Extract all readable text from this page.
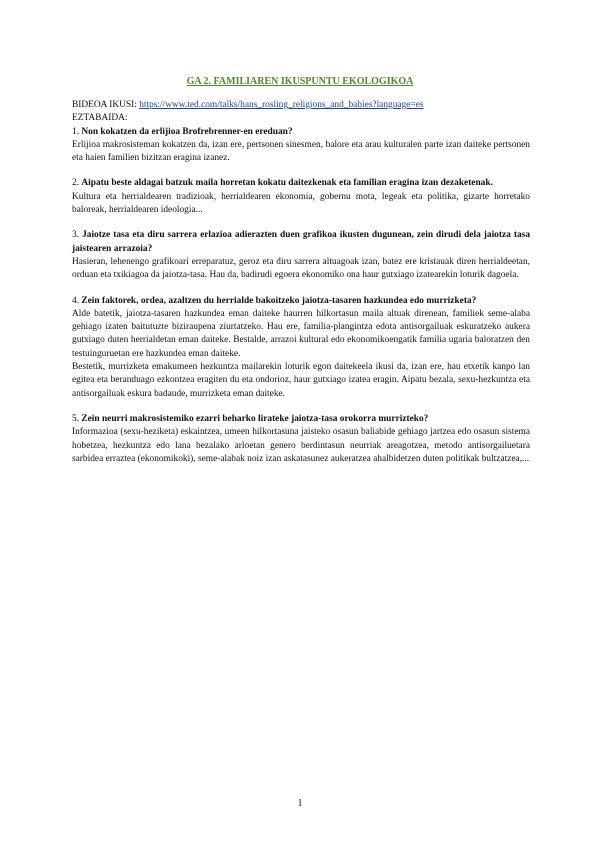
GA 2. FAMILIAREN IKUSPUNTU EKOLOGIKOA
BIDEOA IKUSI: https://www.ted.com/talks/hans_rosling_religions_and_babies?language=es
EZTABAIDA:
1. Non kokatzen da erlijioa Brofrebrenner-en ereduan?
Erlijioa makrosisteman kokatzen da, izan ere, pertsonen sinesmen, balore eta arau kulturalen parte izan daiteke pertsonen eta haien familien bizitzan eragina izanez.
2. Aipatu beste aldagai batzuk maila horretan kokatu daitezkenak eta familian eragina izan dezaketenak.
Kultura eta herrialdearen tradizioak, herrialdearen ekonomia, gobernu mota, legeak eta politika, gizarte horretako baloreak, herrialdearen ideologia...
3. Jaiotze tasa eta diru sarrera erlazioa adierazten duen grafikoa ikusten dugunean, zein dirudi dela jaiotza tasa jaistearen arrazoia?
Hasieran, lehenengo grafikoari erreparatuz, geroz eta diru sarrera altuagoak izan, batez ere kristauak diren herrialdeetan, orduan eta txikiagoa da jaiotza-tasa. Hau da, badirudi egoera ekonomiko ona haur gutxiago izatearekin loturik dagoela.
4. Zein faktorek, ordea, azaltzen du herrialde bakoitzeko jaiotza-tasaren hazkundea edo murrizketa?
Alde batetik, jaiotza-tasaren hazkundea eman daiteke haurren hilkortasun maila altuak direnean, familiek seme-alaba gehiago izaten baitutuzte biziraupena ziurtatzeko. Hau ere, familia-plangintza edota antisorgailuak eskuratzeko aukera gutxiago duten herrialdetan eman daiteke. Bestalde, arrazoi kultural edo ekonomikoengatik familia ugaria baloratzen den testuinguruetan ere hazkundea eman daiteke.
Bestetik, murrizketa emakumeen hezkuntza mailarekin loturik egon daitekeela ikusi da, izan ere, hau etxetik kanpo lan egitea eta beranduago ezkontzea eragiten du eta ondorioz, haur gutxiago izatea eragin. Aipatu bezala, sexu-hezkuntza eta antisorgailuak eskura badaude, murrizketa eman daiteke.
5. Zein neurri makrosistemiko ezarri beharko lirateke jaiotza-tasa orokorra murrizteko?
Informazioa (sexu-heziketa) eskaintzea, umeen hilkortasuna jaisteko osasun baliabide gehiago jartzea edo osasun sistema hobetzea, hezkuntza edo lana bezalako arloetan genero berdintasun neurriak areagotzea, metodo antisorgailuetara sarbidea erraztea (ekonomikoki), seme-alabak noiz izan askatasunez aukeratzea ahalbidetzen duten politikak bultzatzea,...
1
